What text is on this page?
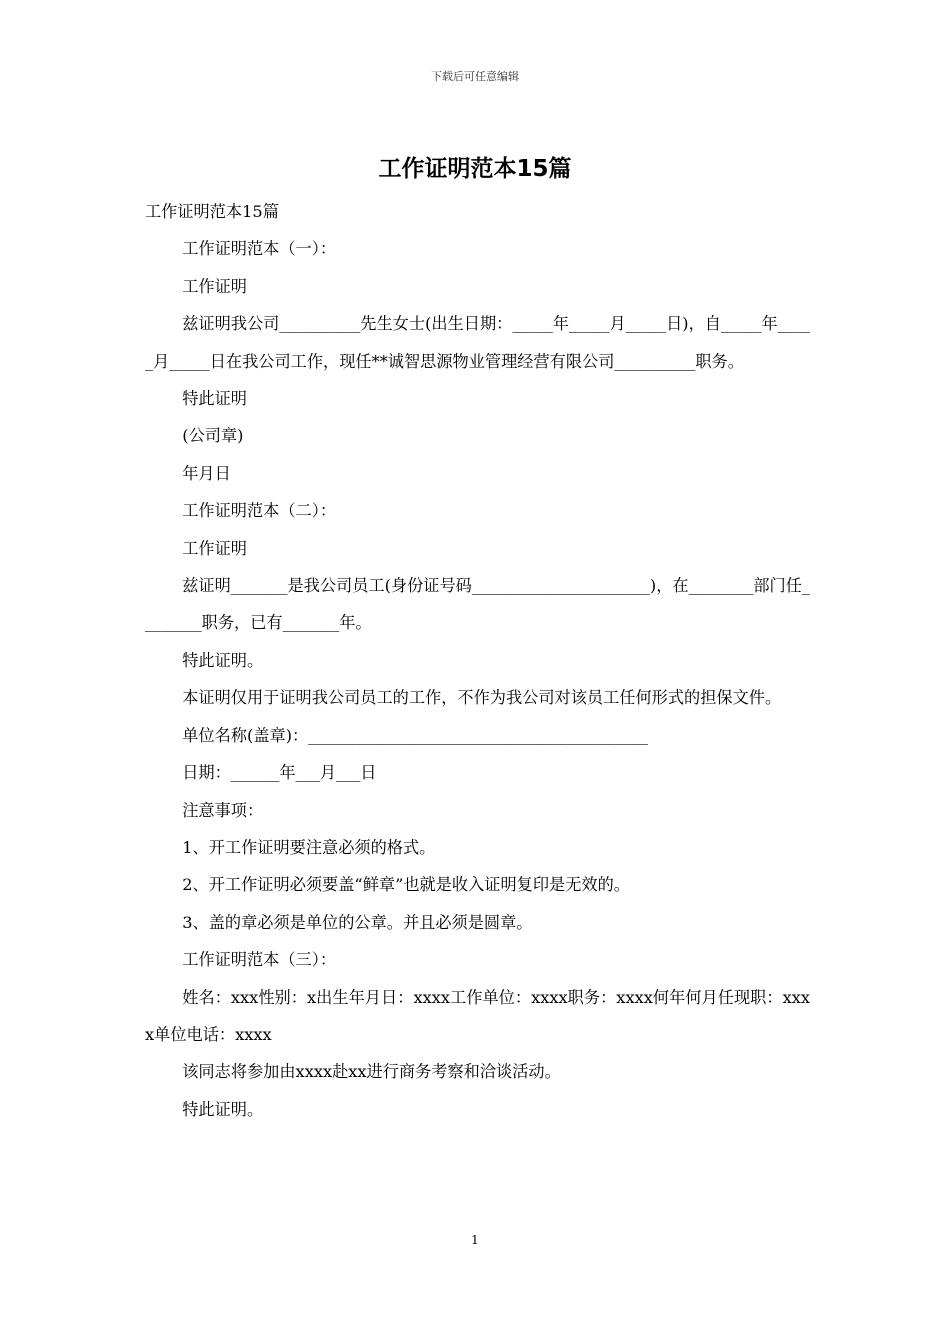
下载后可任意编辑
工作证明范本15篇

工作证明范本15篇

工作证明范本（一）：

工作证明

兹证明我公司__________先生女士(出生日期：_____年_____月_____日)，自_____年_____月_____日在我公司工作，现任**诚智思源物业管理经营有限公司__________职务。

特此证明

(公司章)

年月日

工作证明范本（二）：

工作证明

兹证明_______是我公司员工(身份证号码______________________)，在________部门任________职务，已有_______年。

特此证明。

本证明仅用于证明我公司员工的工作，不作为我公司对该员工任何形式的担保文件。

单位名称(盖章)：__________________________________________

日期：______年___月___日

注意事项：

1、开工作证明要注意必须的格式。

2、开工作证明必须要盖“鲜章”也就是收入证明复印是无效的。

3、盖的章必须是单位的公章。并且必须是圆章。

工作证明范本（三）：

姓名：xxx性别：x出生年月日：xxxx工作单位：xxxx职务：xxxx何年何月任现职：xxxx单位电话：xxxx

该同志将参加由xxxx赴xx进行商务考察和洽谈活动。

特此证明。

1
